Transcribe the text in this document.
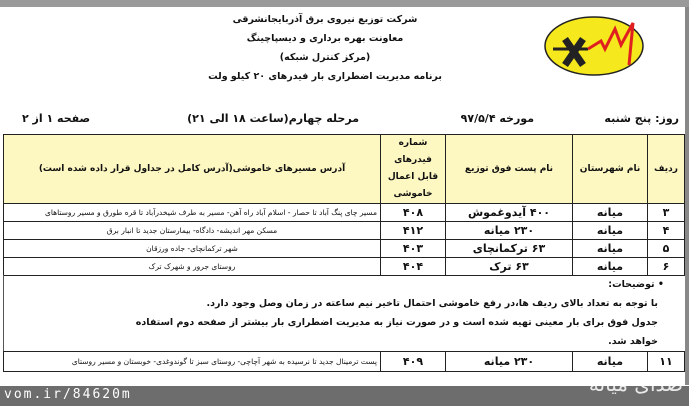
شرکت توزیع نیروی برق آذربایجانشرقی
معاونت بهره برداری و دیسپاچینگ
(مرکز کنترل شبکه)
برنامه مدیریت اضطراری بار فیدرهای ۲۰ کیلو ولت
روز: پنج شنبه
مورخه ۹۷/۵/۴
مرحله چهارم(ساعت ۱۸ الی ۲۱)
صفحه ۱ از ۲
ردیف	نام شهرستان	نام پست فوق توزیع	شماره فیدرهای قابل اعمال خاموشی	آدرس مسیرهای خاموشی(آدرس کامل در جداول قرار داده شده است)
۳	میانه	۴۰۰ آیدوغموش	۴۰۸	مسیر چای پنگ آباد تا حصار - اسلام آباد راه آهن- مسیر به طرف شیخدرآباد تا قره طورق و مسیر روستاهای
۴	میانه	۲۳۰ میانه	۴۱۲	مسکن مهر اندیشه- دادگاه- بیمارستان جدید تا انبار برق
۵	میانه	۶۳ ترکمانچای	۴۰۳	شهر ترکمانچای- جاده ورزقان
۶	میانه	۶۳ ترک	۴۰۴	روستای جرور و شهرک ترک
• توضیحات:
با توجه به تعداد بالای ردیف ها،در رفع خاموشی احتمال تاخیر نیم ساعته در زمان وصل وجود دارد.
جدول فوق برای بار معینی تهیه شده است و در صورت نیاز به مدیریت اضطراری بار بیشتر از صفحه دوم استفاده
خواهد شد.
۱۱	میانه	۲۳۰ میانه	۴۰۹	پست ترمینال جدید تا نرسیده به شهر آچاچی- روستای سبز تا گوندوغدی- خوبستان و مسیر روستای
vom.ir/84620m	صدای میانه
